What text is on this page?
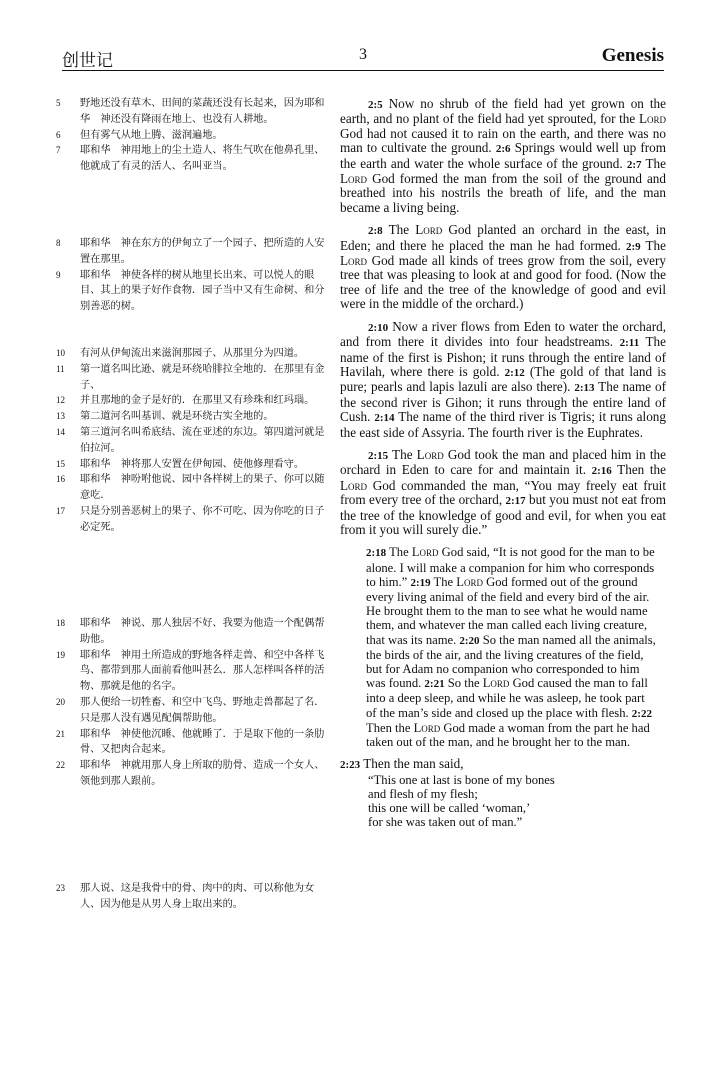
创世记	3	Genesis
5	野地还没有草木、田间的菜蔬还没有长起来，因为耶和华　神还没有降雨在地上、也没有人耕地。
6	但有雾气从地上腾、滋润遍地。
7	耶和华　神用地上的尘土造人、将生气吹在他鼻孔里、他就成了有灵的活人、名叫亚当。
8	耶和华　神在东方的伊甸立了一个园子、把所造的人安置在那里。
9	耶和华　神使各样的树从地里长出来、可以悦人的眼目、其上的果子好作食物．园子当中又有生命树、和分别善恶的树。
10	有河从伊甸流出来滋润那园子、从那里分为四道。
11	第一道名叫比逊、就是环绕哈腓拉全地的．在那里有金子、
12	并且那地的金子是好的．在那里又有珍珠和红玛瑙。
13	第二道河名叫基训、就是环绕古实全地的。
14	第三道河名叫希底结、流在亚述的东边。第四道河就是伯拉河。
15	耶和华　神将那人安置在伊甸园、使他修理看守。
16	耶和华　神吩咐他说、园中各样树上的果子、你可以随意吃．
17	只是分别善恶树上的果子、你不可吃、因为你吃的日子必定死。
18	耶和华　神说、那人独居不好、我要为他造一个配偶帮助他。
19	耶和华　神用土所造成的野地各样走兽、和空中各样飞鸟、都带到那人面前看他叫甚么．那人怎样叫各样的活物、那就是他的名字。
20	那人便给一切牲畜、和空中飞鸟、野地走兽都起了名．只是那人没有遇见配偶帮助他。
21	耶和华　神使他沉睡、他就睡了．于是取下他的一条肋骨、又把肉合起来。
22	耶和华　神就用那人身上所取的肋骨、造成一个女人、领他到那人跟前。
23	那人说、这是我骨中的骨、肉中的肉、可以称他为女人、因为他是从男人身上取出来的。

2:5 Now no shrub of the field had yet grown on the earth, and no plant of the field had yet sprouted, for the Lord God had not caused it to rain on the earth, and there was no man to cultivate the ground. 2:6 Springs would well up from the earth and water the whole surface of the ground. 2:7 The Lord God formed the man from the soil of the ground and breathed into his nostrils the breath of life, and the man became a living being.

2:8 The Lord God planted an orchard in the east, in Eden; and there he placed the man he had formed. 2:9 The Lord God made all kinds of trees grow from the soil, every tree that was pleasing to look at and good for food. (Now the tree of life and the tree of the knowledge of good and evil were in the middle of the orchard.)

2:10 Now a river flows from Eden to water the orchard, and from there it divides into four headstreams. 2:11 The name of the first is Pishon; it runs through the entire land of Havilah, where there is gold. 2:12 (The gold of that land is pure; pearls and lapis lazuli are also there). 2:13 The name of the second river is Gihon; it runs through the entire land of Cush. 2:14 The name of the third river is Tigris; it runs along the east side of Assyria. The fourth river is the Euphrates.

2:15 The Lord God took the man and placed him in the orchard in Eden to care for and maintain it. 2:16 Then the Lord God commanded the man, “You may freely eat fruit from every tree of the orchard, 2:17 but you must not eat from the tree of the knowledge of good and evil, for when you eat from it you will surely die.”

2:18 The Lord God said, “It is not good for the man to be alone. I will make a companion for him who corresponds to him.” 2:19 The Lord God formed out of the ground every living animal of the field and every bird of the air. He brought them to the man to see what he would name them, and whatever the man called each living creature, that was its name. 2:20 So the man named all the animals, the birds of the air, and the living creatures of the field, but for Adam no companion who corresponded to him was found. 2:21 So the Lord God caused the man to fall into a deep sleep, and while he was asleep, he took part of the man’s side and closed up the place with flesh. 2:22 Then the Lord God made a woman from the part he had taken out of the man, and he brought her to the man.

2:23 Then the man said,

“This one at last is bone of my bones
and flesh of my flesh;
this one will be called ‘woman,’
for she was taken out of man.”
